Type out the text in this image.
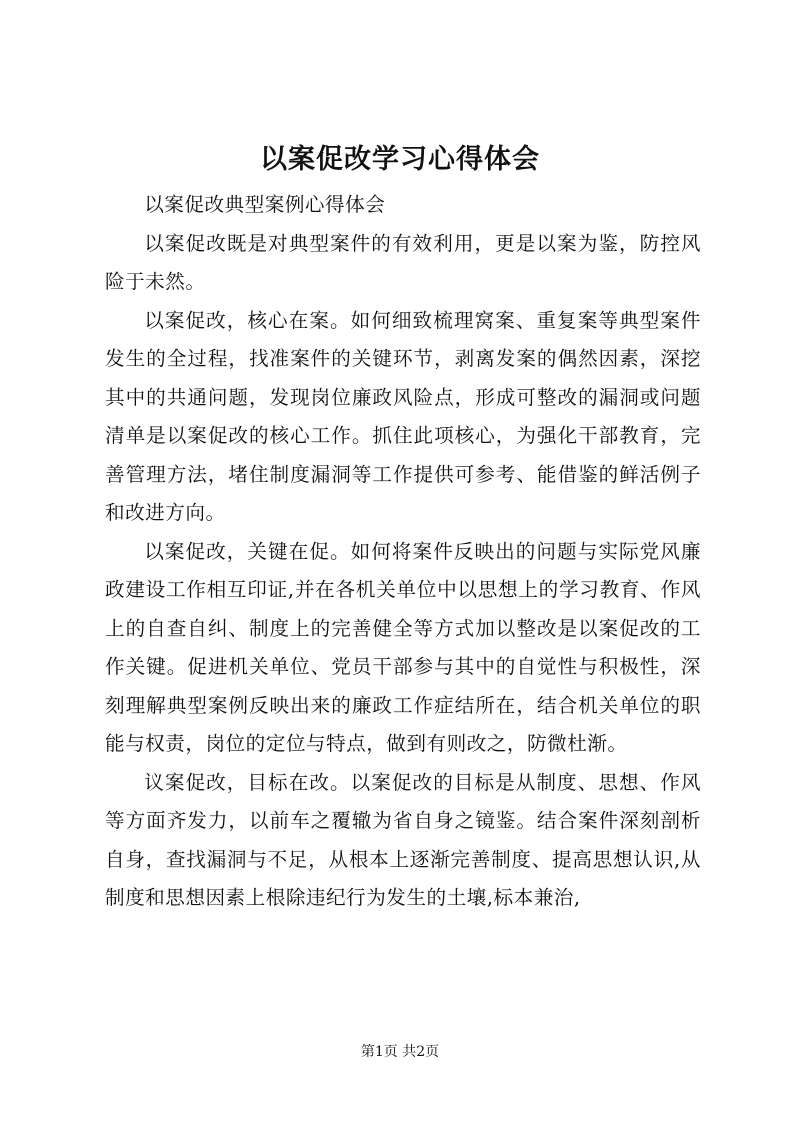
以案促改学习心得体会

以案促改典型案例心得体会

以案促改既是对典型案件的有效利用，更是以案为鉴，防控风险于未然。

以案促改，核心在案。如何细致梳理窝案、重复案等典型案件发生的全过程，找准案件的关键环节，剥离发案的偶然因素，深挖其中的共通问题，发现岗位廉政风险点，形成可整改的漏洞或问题清单是以案促改的核心工作。抓住此项核心，为强化干部教育，完善管理方法，堵住制度漏洞等工作提供可参考、能借鉴的鲜活例子和改进方向。

以案促改，关键在促。如何将案件反映出的问题与实际党风廉政建设工作相互印证,并在各机关单位中以思想上的学习教育、作风上的自查自纠、制度上的完善健全等方式加以整改是以案促改的工作关键。促进机关单位、党员干部参与其中的自觉性与积极性，深刻理解典型案例反映出来的廉政工作症结所在，结合机关单位的职能与权责，岗位的定位与特点，做到有则改之，防微杜渐。

议案促改，目标在改。以案促改的目标是从制度、思想、作风等方面齐发力，以前车之覆辙为省自身之镜鉴。结合案件深刻剖析自身，查找漏洞与不足，从根本上逐渐完善制度、提高思想认识,从制度和思想因素上根除违纪行为发生的土壤,标本兼治,

第1页 共2页
